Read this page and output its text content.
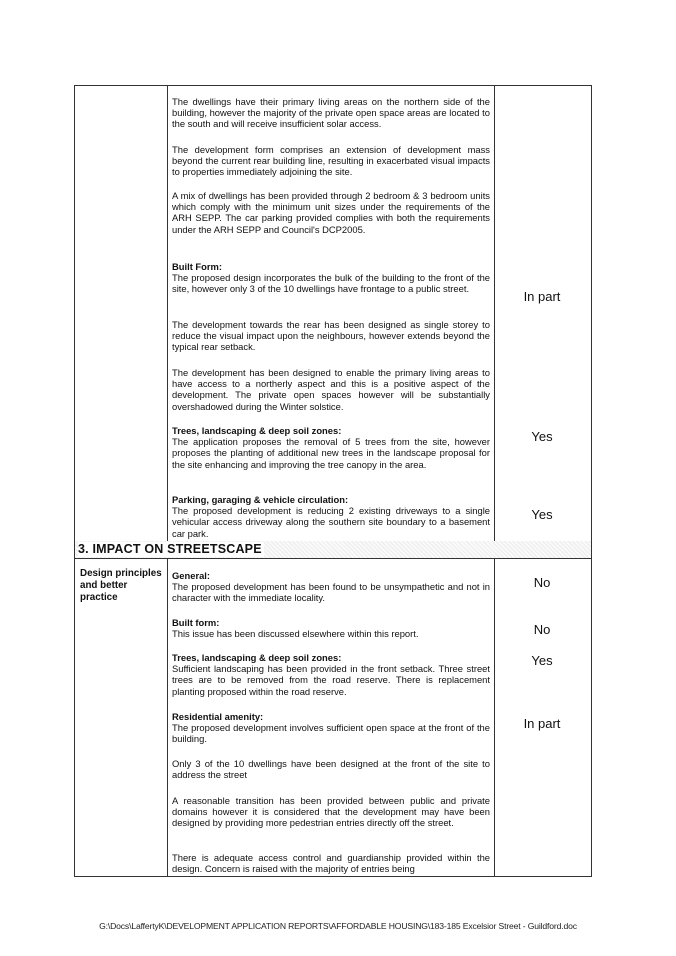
The dwellings have their primary living areas on the northern side of the building, however the majority of the private open space areas are located to the south and will receive insufficient solar access.

The development form comprises an extension of development mass beyond the current rear building line, resulting in exacerbated visual impacts to properties immediately adjoining the site.

A mix of dwellings has been provided through 2 bedroom & 3 bedroom units which comply with the minimum unit sizes under the requirements of the ARH SEPP. The car parking provided complies with both the requirements under the ARH SEPP and Council's DCP2005.

Built Form:
The proposed design incorporates the bulk of the building to the front of the site, however only 3 of the 10 dwellings have frontage to a public street.

The development towards the rear has been designed as single storey to reduce the visual impact upon the neighbours, however extends beyond the typical rear setback.

The development has been designed to enable the primary living areas to have access to a northerly aspect and this is a positive aspect of the development. The private open spaces however will be substantially overshadowed during the Winter solstice.

Trees, landscaping & deep soil zones:
The application proposes the removal of 5 trees from the site, however proposes the planting of additional new trees in the landscape proposal for the site enhancing and improving the tree canopy in the area.

Parking, garaging & vehicle circulation:
The proposed development is reducing 2 existing driveways to a single vehicular access driveway along the southern site boundary to a basement car park.

In part
Yes
Yes
3. IMPACT ON STREETSCAPE
Design principles and better practice

General:
The proposed development has been found to be unsympathetic and not in character with the immediate locality.

Built form:
This issue has been discussed elsewhere within this report.

Trees, landscaping & deep soil zones:
Sufficient landscaping has been provided in the front setback. Three street trees are to be removed from the road reserve. There is replacement planting proposed within the road reserve.

Residential amenity:
The proposed development involves sufficient open space at the front of the building.

Only 3 of the 10 dwellings have been designed at the front of the site to address the street

A reasonable transition has been provided between public and private domains however it is considered that the development may have been designed by providing more pedestrian entries directly off the street.

There is adequate access control and guardianship provided within the design. Concern is raised with the majority of entries being

No
No
Yes
In part
G:\Docs\LaffertyK\DEVELOPMENT APPLICATION REPORTS\AFFORDABLE HOUSING\183-185 Excelsior Street - Guildford.doc
